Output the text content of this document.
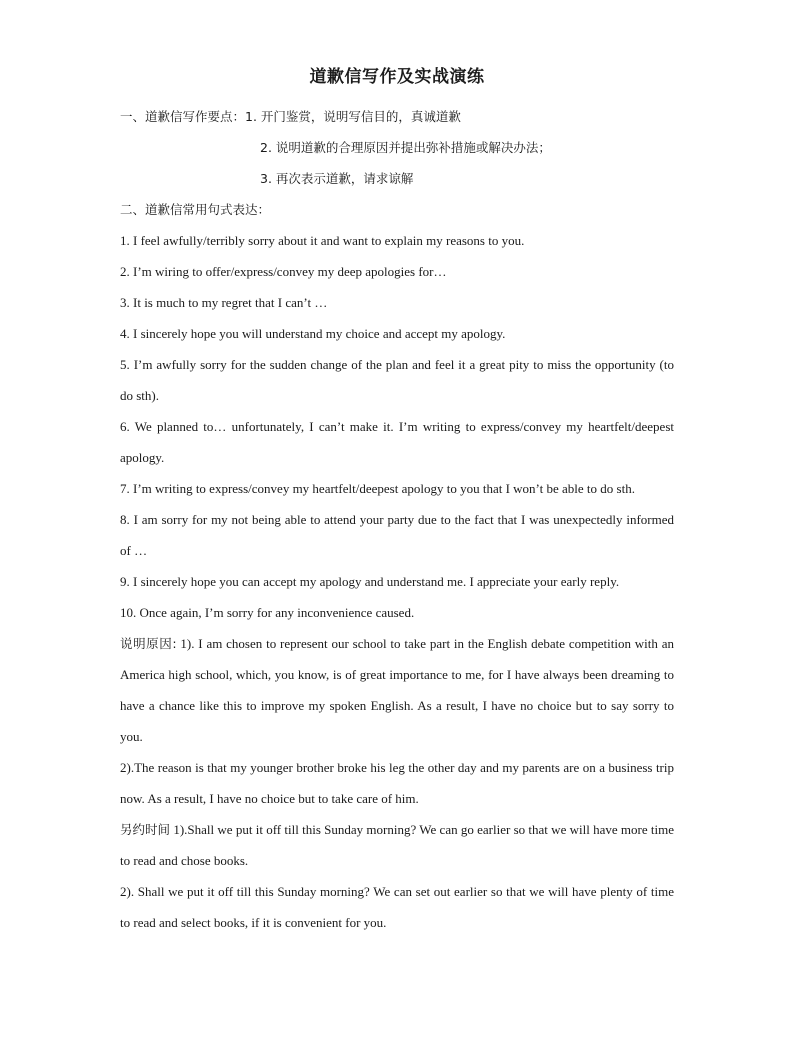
道歉信写作及实战演练

一、道歉信写作要点：1. 开门鉴赏，说明写信目的，真诚道歉

2. 说明道歉的合理原因并提出弥补措施或解决办法；

3. 再次表示道歉，请求谅解

二、道歉信常用句式表达：

1. I feel awfully/terribly sorry about it and want to explain my reasons to you.

2. I’m wiring to offer/express/convey my deep apologies for…

3. It is much to my regret that I can’t …

4. I sincerely hope you will understand my choice and accept my apology.

5. I’m awfully sorry for the sudden change of the plan and feel it a great pity to miss the opportunity (to do sth).

6. We planned to… unfortunately, I can’t make it. I’m writing to express/convey my heartfelt/deepest apology.

7. I’m writing to express/convey my heartfelt/deepest apology to you that I won’t be able to do sth.

8. I am sorry for my not being able to attend your party due to the fact that I was unexpectedly informed of …

9. I sincerely hope you can accept my apology and understand me. I appreciate your early reply.

10. Once again, I’m sorry for any inconvenience caused.

说明原因: 1). I am chosen to represent our school to take part in the English debate competition with an America high school, which, you know, is of great importance to me, for I have always been dreaming to have a chance like this to improve my spoken English. As a result, I have no choice but to say sorry to you.

2).The reason is that my younger brother broke his leg the other day and my parents are on a business trip now. As a result, I have no choice but to take care of him.

另约时间 1).Shall we put it off till this Sunday morning? We can go earlier so that we will have more time to read and chose books.

2). Shall we put it off till this Sunday morning? We can set out earlier so that we will have plenty of time to read and select books, if it is convenient for you.
